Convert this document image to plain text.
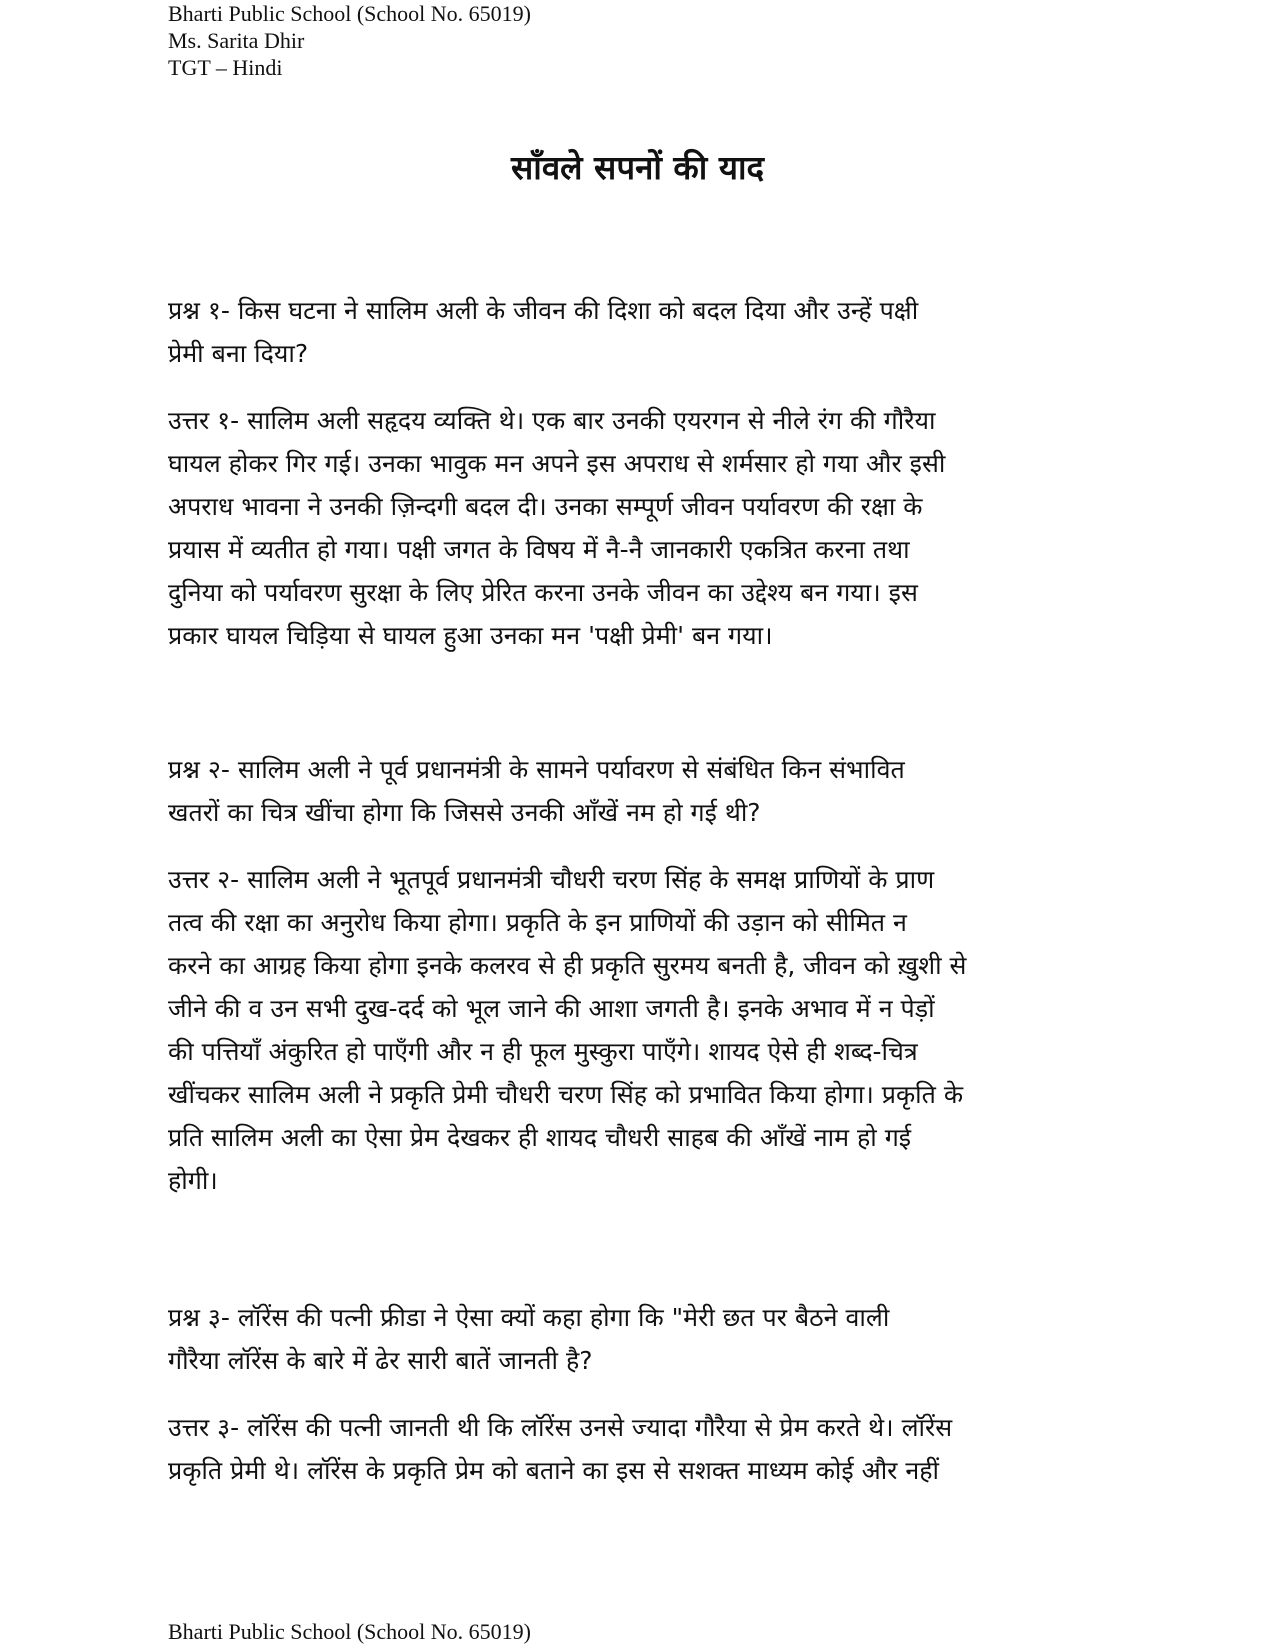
Bharti Public School (School No. 65019)
Ms. Sarita Dhir
TGT – Hindi
साँवले सपनों की याद
प्रश्न १- किस घटना ने सालिम अली के जीवन की दिशा को बदल दिया और उन्हें पक्षी
प्रेमी बना दिया?
उत्तर १- सालिम अली सहृदय व्यक्ति थे। एक बार उनकी एयरगन से नीले रंग की गौरैया
घायल होकर गिर गई। उनका भावुक मन अपने इस अपराध से शर्मसार हो गया और इसी
अपराध भावना ने उनकी ज़िन्दगी बदल दी। उनका सम्पूर्ण जीवन पर्यावरण की रक्षा के
प्रयास में व्यतीत हो गया। पक्षी जगत के विषय में नै-नै जानकारी एकत्रित करना तथा
दुनिया को पर्यावरण सुरक्षा के लिए प्रेरित करना उनके जीवन का उद्देश्य बन गया। इस
प्रकार घायल चिड़िया से घायल हुआ उनका मन 'पक्षी प्रेमी' बन गया।
प्रश्न २- सालिम अली ने पूर्व प्रधानमंत्री के सामने पर्यावरण से संबंधित किन संभावित
खतरों का चित्र खींचा होगा कि जिससे उनकी आँखें नम हो गई थी?
उत्तर २- सालिम अली ने भूतपूर्व प्रधानमंत्री चौधरी चरण सिंह के समक्ष प्राणियों के प्राण
तत्व की रक्षा का अनुरोध किया होगा। प्रकृति के इन प्राणियों की उड़ान को सीमित न
करने का आग्रह किया होगा इनके कलरव से ही प्रकृति सुरमय बनती है, जीवन को ख़ुशी से
जीने की व उन सभी दुख-दर्द को भूल जाने की आशा जगती है। इनके अभाव में न पेड़ों
की पत्तियाँ अंकुरित हो पाएँगी और न ही फूल मुस्कुरा पाएँगे। शायद ऐसे ही शब्द-चित्र
खींचकर सालिम अली ने प्रकृति प्रेमी चौधरी चरण सिंह को प्रभावित किया होगा। प्रकृति के
प्रति सालिम अली का ऐसा प्रेम देखकर ही शायद चौधरी साहब की आँखें नाम हो गई
होगी।
प्रश्न ३- लॉरेंस की पत्नी फ्रीडा ने ऐसा क्यों कहा होगा कि "मेरी छत पर बैठने वाली
गौरैया लॉरेंस के बारे में ढेर सारी बातें जानती है?
उत्तर ३- लॉरेंस की पत्नी जानती थी कि लॉरेंस उनसे ज्यादा गौरैया से प्रेम करते थे। लॉरेंस
प्रकृति प्रेमी थे। लॉरेंस के प्रकृति प्रेम को बताने का इस से सशक्त माध्यम कोई और नहीं
Bharti Public School (School No. 65019)
